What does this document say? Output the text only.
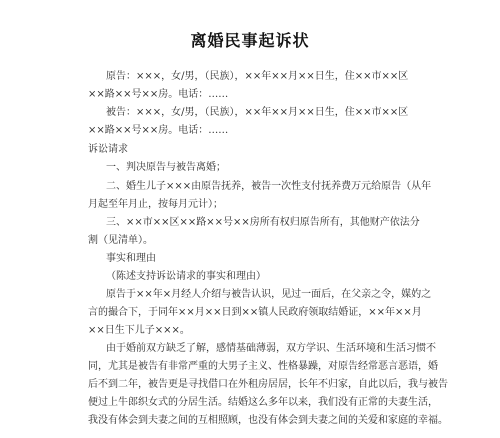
离婚民事起诉状
原告：×××，女/男，（民族），××年××月××日生，住××市××区
××路××号××房。电话：……
被告：×××，女/男，（民族），××年××月××日生，住××市××区
××路××号××房。电话：……
诉讼请求
一、判决原告与被告离婚；
二、婚生儿子×××由原告抚养，被告一次性支付抚养费万元给原告（从年
月起至年月止，按每月元计）；
三、××市××区××路××号××房所有权归原告所有，其他财产依法分
割（见清单）。
事实和理由
（陈述支持诉讼请求的事实和理由）
原告于××年×月经人介绍与被告认识，见过一面后，在父亲之令，媒妁之
言的撮合下，于同年××月××日到××镇人民政府领取结婚证，××年××月
××日生下儿子×××。
由于婚前双方缺乏了解，感情基础薄弱，双方学识、生活环境和生活习惯不
同，尤其是被告有非常严重的大男子主义、性格暴躁，对原告经常恶言恶语，婚
后不到二年，被告更是寻找借口在外租房居居，长年不归家，自此以后，我与被告
便过上牛郎织女式的分居生活。结婚这么多年以来，我们没有正常的夫妻生活，
我没有体会到夫妻之间的互相照顾，也没有体会到夫妻之间的关爱和家庭的幸福。
